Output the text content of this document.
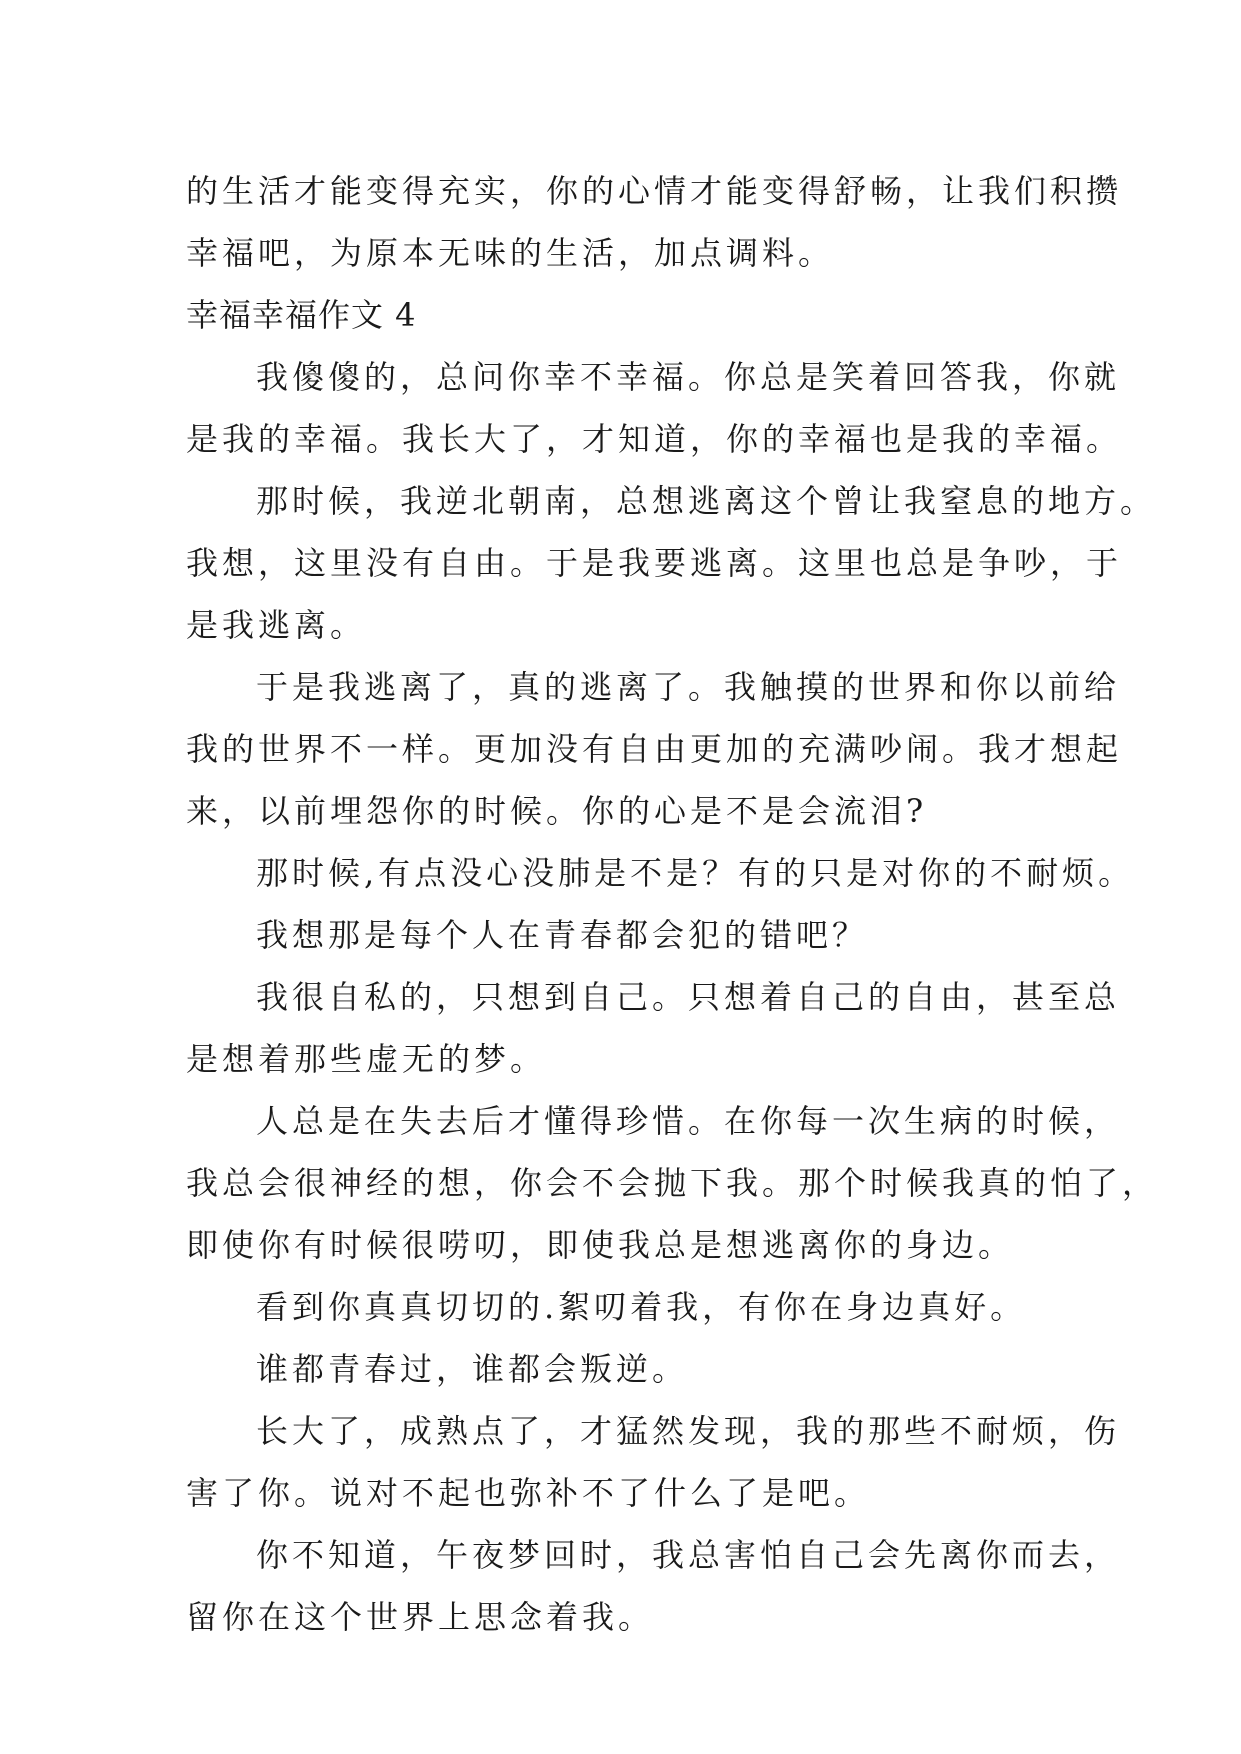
的生活才能变得充实，你的心情才能变得舒畅，让我们积攒
幸福吧，为原本无味的生活，加点调料。
幸福幸福作文 4
我傻傻的，总问你幸不幸福。你总是笑着回答我，你就
是我的幸福。我长大了，才知道，你的幸福也是我的幸福。
那时候，我逆北朝南，总想逃离这个曾让我窒息的地方。
我想，这里没有自由。于是我要逃离。这里也总是争吵，于
是我逃离。
于是我逃离了，真的逃离了。我触摸的世界和你以前给
我的世界不一样。更加没有自由更加的充满吵闹。我才想起
来，以前埋怨你的时候。你的心是不是会流泪?
那时候,有点没心没肺是不是？有的只是对你的不耐烦。
我想那是每个人在青春都会犯的错吧？
我很自私的，只想到自己。只想着自己的自由，甚至总
是想着那些虚无的梦。
人总是在失去后才懂得珍惜。在你每一次生病的时候，
我总会很神经的想，你会不会抛下我。那个时候我真的怕了，
即使你有时候很唠叨，即使我总是想逃离你的身边。
看到你真真切切的.絮叨着我，有你在身边真好。
谁都青春过，谁都会叛逆。
长大了，成熟点了，才猛然发现，我的那些不耐烦，伤
害了你。说对不起也弥补不了什么了是吧。
你不知道，午夜梦回时，我总害怕自己会先离你而去，
留你在这个世界上思念着我。
